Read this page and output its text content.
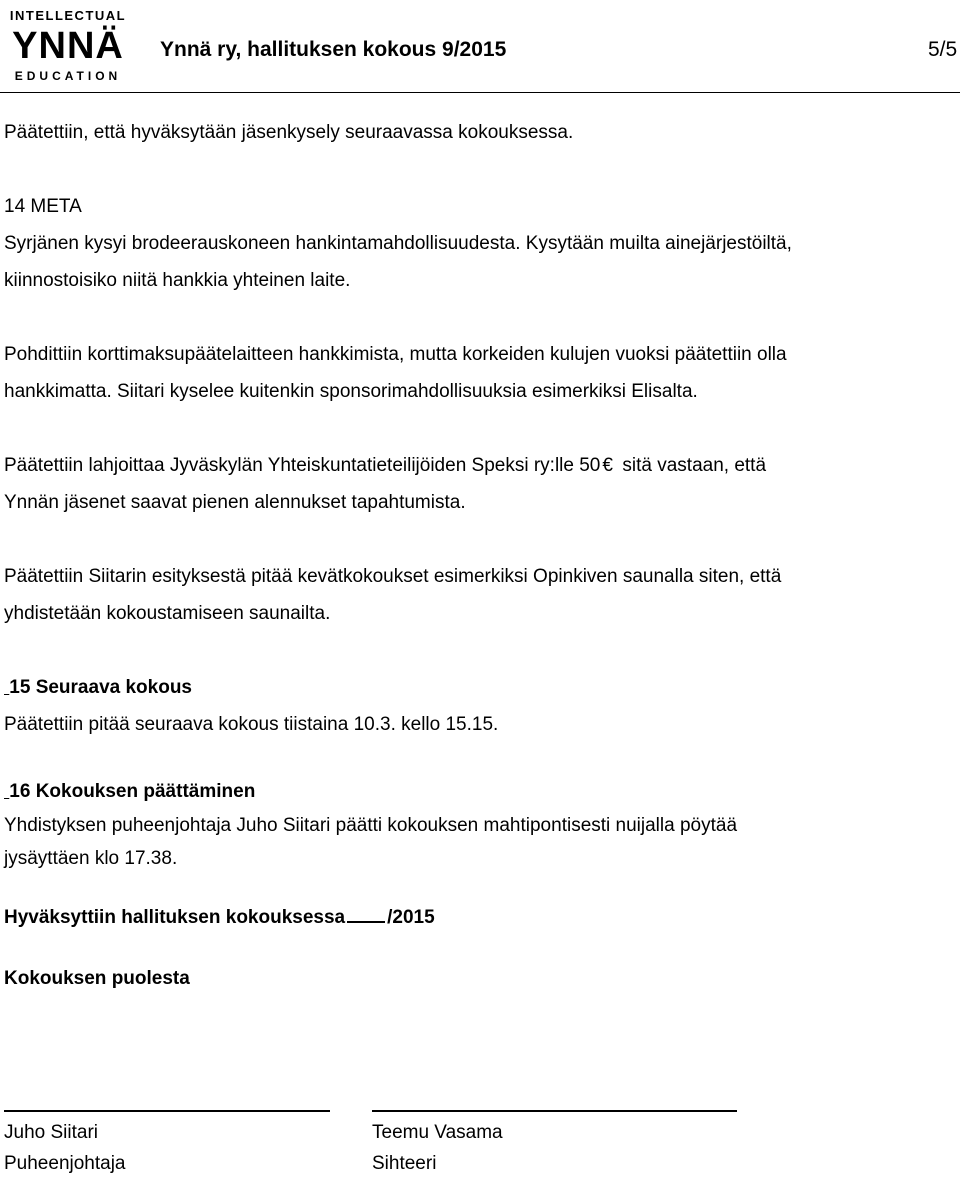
INTELLECTUAL
YNNÄ
EDUCATION
Ynnä ry, hallituksen kokous 9/2015	5/5
Päätettiin, että hyväksytään jäsenkysely seuraavassa kokouksessa.
14 META
Syrjänen kysyi brodeerauskoneen hankintamahdollisuudesta. Kysytään muilta ainejärjestöiltä,
kiinnostoisiko niitä hankkia yhteinen laite.
Pohdittiin korttimaksupäätelaitteen hankkimista, mutta korkeiden kulujen vuoksi päätettiin olla
hankkimatta. Siitari kyselee kuitenkin sponsorimahdollisuuksia esimerkiksi Elisalta.
Päätettiin lahjoittaa Jyväskylän Yhteiskuntatieteilijöiden Speksi ry:lle 50 € sitä vastaan, että
Ynnän jäsenet saavat pienen alennukset tapahtumista.
Päätettiin Siitarin esityksestä pitää kevätkokoukset esimerkiksi Opinkiven saunalla siten, että
yhdistetään kokoustamiseen saunailta.
15 Seuraava kokous
Päätettiin pitää seuraava kokous tiistaina 10.3. kello 15.15.
16 Kokouksen päättäminen
Yhdistyksen puheenjohtaja Juho Siitari päätti kokouksen mahtipontisesti nuijalla pöytää
jysäyttäen klo 17.38.
Hyväksyttiin hallituksen kokouksessa /2015
Kokouksen puolesta
Juho Siitari
Puheenjohtaja
Teemu Vasama
Sihteeri
